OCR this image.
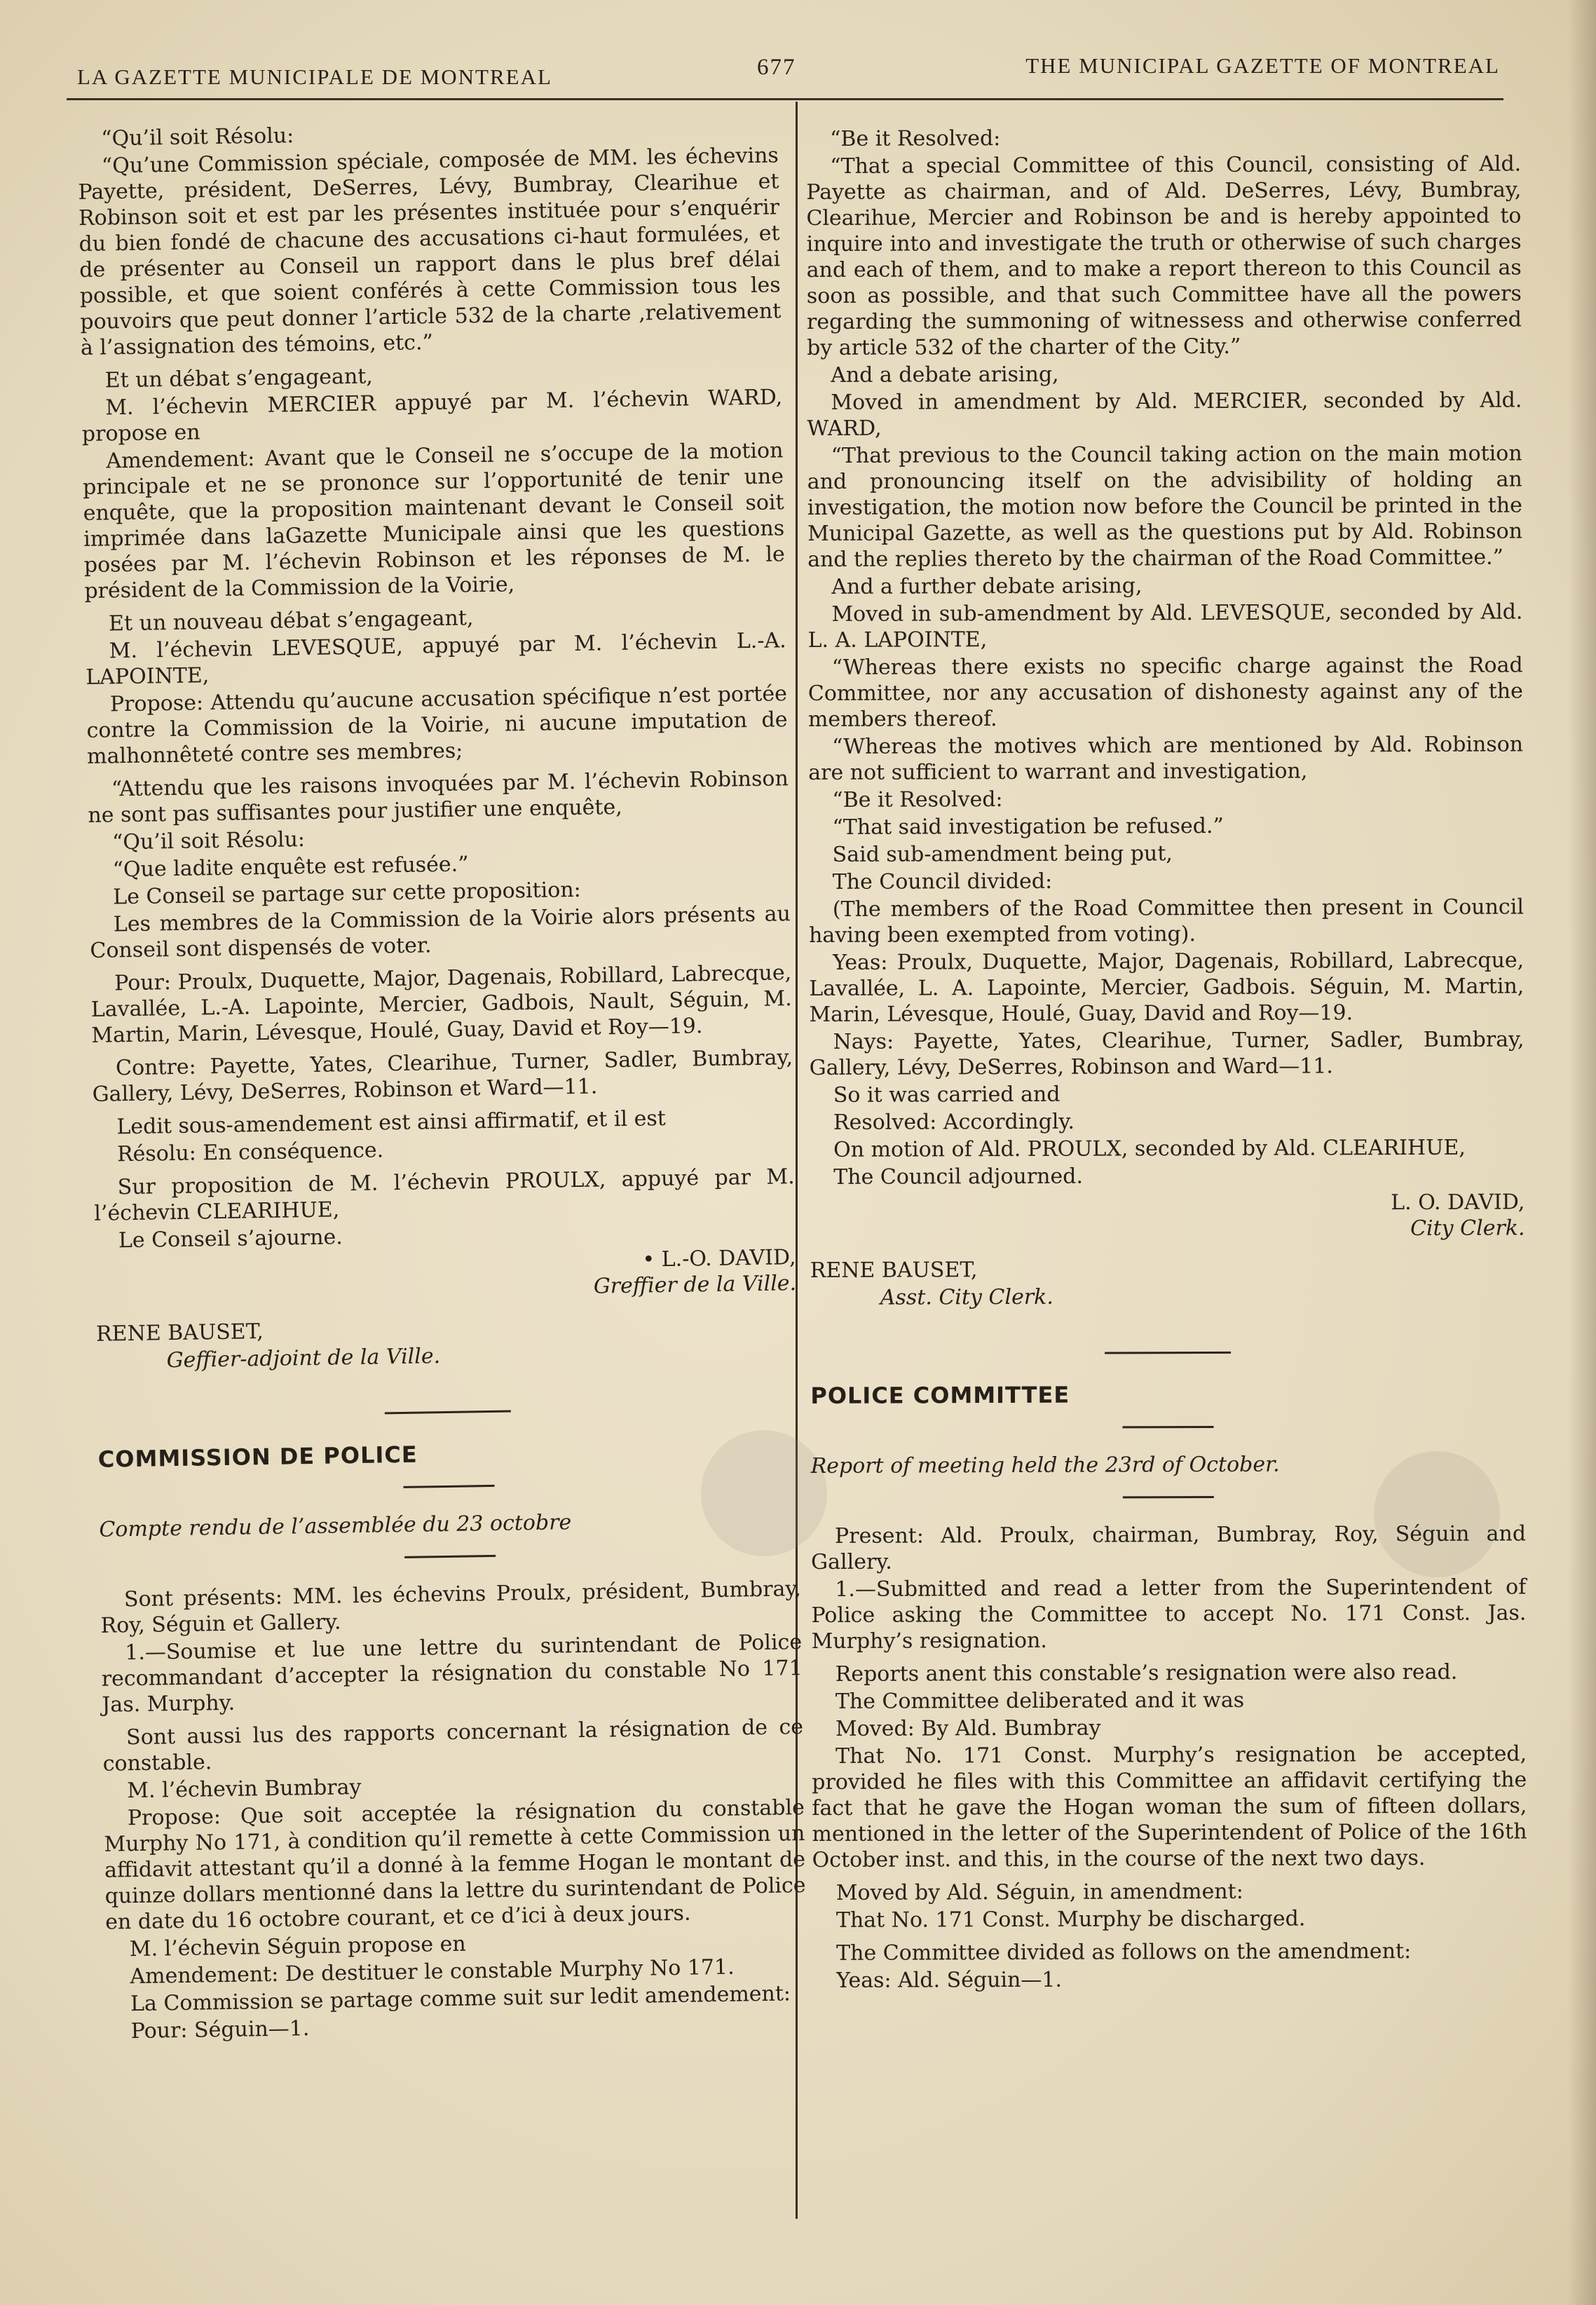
LA GAZETTE MUNICIPALE DE MONTREAL	677	THE MUNICIPAL GAZETTE OF MONTREAL

“Qu’il soit Résolu:

“Qu’une Commission spéciale, composée de MM. les échevins Payette, président, DeSerres, Lévy, Bumbray, Clearihue et Robinson soit et est par les présentes instituée pour s’enquérir du bien fondé de chacune des accusations ci-haut formulées, et de présenter au Conseil un rapport dans le plus bref délai possible, et que soient conférés à cette Commission tous les pouvoirs que peut donner l’article 532 de la charte ,relativement à l’assignation des témoins, etc.”

Et un débat s’engageant,

M. l’échevin MERCIER appuyé par M. l’échevin WARD, propose en

Amendement: Avant que le Conseil ne s’occupe de la motion principale et ne se prononce sur l’opportunité de tenir une enquête, que la proposition maintenant devant le Conseil soit imprimée dans laGazette Municipale ainsi que les questions posées par M. l’échevin Robinson et les réponses de M. le président de la Commission de la Voirie,

Et un nouveau débat s’engageant,

M. l’échevin LEVESQUE, appuyé par M. l’échevin L.-A. LAPOINTE,

Propose: Attendu qu’aucune accusation spécifique n’est portée contre la Commission de la Voirie, ni aucune imputation de malhonnêteté contre ses membres;

“Attendu que les raisons invoquées par M. l’échevin Robinson ne sont pas suffisantes pour justifier une enquête,

“Qu’il soit Résolu:

“Que ladite enquête est refusée.”

Le Conseil se partage sur cette proposition:

Les membres de la Commission de la Voirie alors présents au Conseil sont dispensés de voter.

Pour: Proulx, Duquette, Major, Dagenais, Robillard, Labrecque, Lavallée, L.-A. Lapointe, Mercier, Gadbois, Nault, Séguin, M. Martin, Marin, Lévesque, Houlé, Guay, David et Roy—19.

Contre: Payette, Yates, Clearihue, Turner, Sadler, Bumbray, Gallery, Lévy, DeSerres, Robinson et Ward—11.

Ledit sous-amendement est ainsi affirmatif, et il est

Résolu: En conséquence.

Sur proposition de M. l’échevin PROULX, appuyé par M. l’échevin CLEARIHUE,

Le Conseil s’ajourne.

• L.-O. DAVID,

Greffier de la Ville.

RENE BAUSET,

Geffier-adjoint de la Ville.

COMMISSION DE POLICE

Compte rendu de l’assemblée du 23 octobre

Sont présents: MM. les échevins Proulx, président, Bumbray, Roy, Séguin et Gallery.

1.—Soumise et lue une lettre du surintendant de Police recommandant d’accepter la résignation du constable No 171 Jas. Murphy.

Sont aussi lus des rapports concernant la résignation de ce constable.

M. l’échevin Bumbray

Propose: Que soit acceptée la résignation du constable Murphy No 171, à condition qu’il remette à cette Commission un affidavit attestant qu’il a donné à la femme Hogan le montant de quinze dollars mentionné dans la lettre du surintendant de Police en date du 16 octobre courant, et ce d’ici à deux jours.

M. l’échevin Séguin propose en

Amendement: De destituer le constable Murphy No 171.

La Commission se partage comme suit sur ledit amendement:

Pour: Séguin—1.

“Be it Resolved:

“That a special Committee of this Council, consisting of Ald. Payette as chairman, and of Ald. DeSerres, Lévy, Bumbray, Clearihue, Mercier and Robinson be and is hereby appointed to inquire into and investigate the truth or otherwise of such charges and each of them, and to make a report thereon to this Council as soon as possible, and that such Committee have all the powers regarding the summoning of witnessess and otherwise conferred by article 532 of the charter of the City.”

And a debate arising,

Moved in amendment by Ald. MERCIER, seconded by Ald. WARD,

“That previous to the Council taking action on the main motion and pronouncing itself on the advisibility of holding an investigation, the motion now before the Council be printed in the Municipal Gazette, as well as the questions put by Ald. Robinson and the replies thereto by the chairman of the Road Committee.”

And a further debate arising,

Moved in sub-amendment by Ald. LEVESQUE, seconded by Ald. L. A. LAPOINTE,

“Whereas there exists no specific charge against the Road Committee, nor any accusation of dishonesty against any of the members thereof.

“Whereas the motives which are mentioned by Ald. Robinson are not sufficient to warrant and investigation,

“Be it Resolved:

“That said investigation be refused.”

Said sub-amendment being put,

The Council divided:

(The members of the Road Committee then present in Council having been exempted from voting).

Yeas: Proulx, Duquette, Major, Dagenais, Robillard, Labrecque, Lavallée, L. A. Lapointe, Mercier, Gadbois. Séguin, M. Martin, Marin, Lévesque, Houlé, Guay, David and Roy—19.

Nays: Payette, Yates, Clearihue, Turner, Sadler, Bumbray, Gallery, Lévy, DeSerres, Robinson and Ward—11.

So it was carried and

Resolved: Accordingly.

On motion of Ald. PROULX, seconded by Ald. CLEARIHUE,

The Council adjourned.

L. O. DAVID,

City Clerk.

RENE BAUSET,

Asst. City Clerk.

POLICE COMMITTEE

Report of meeting held the 23rd of October.

Present: Ald. Proulx, chairman, Bumbray, Roy, Séguin and Gallery.

1.—Submitted and read a letter from the Superintendent of Police asking the Committee to accept No. 171 Const. Jas. Murphy’s resignation.

Reports anent this constable’s resignation were also read.

The Committee deliberated and it was

Moved: By Ald. Bumbray

That No. 171 Const. Murphy’s resignation be accepted, provided he files with this Committee an affidavit certifying the fact that he gave the Hogan woman the sum of fifteen dollars, mentioned in the letter of the Superintendent of Police of the 16th October inst. and this, in the course of the next two days.

Moved by Ald. Séguin, in amendment:

That No. 171 Const. Murphy be discharged.

The Committee divided as follows on the amendment:

Yeas: Ald. Séguin—1.
